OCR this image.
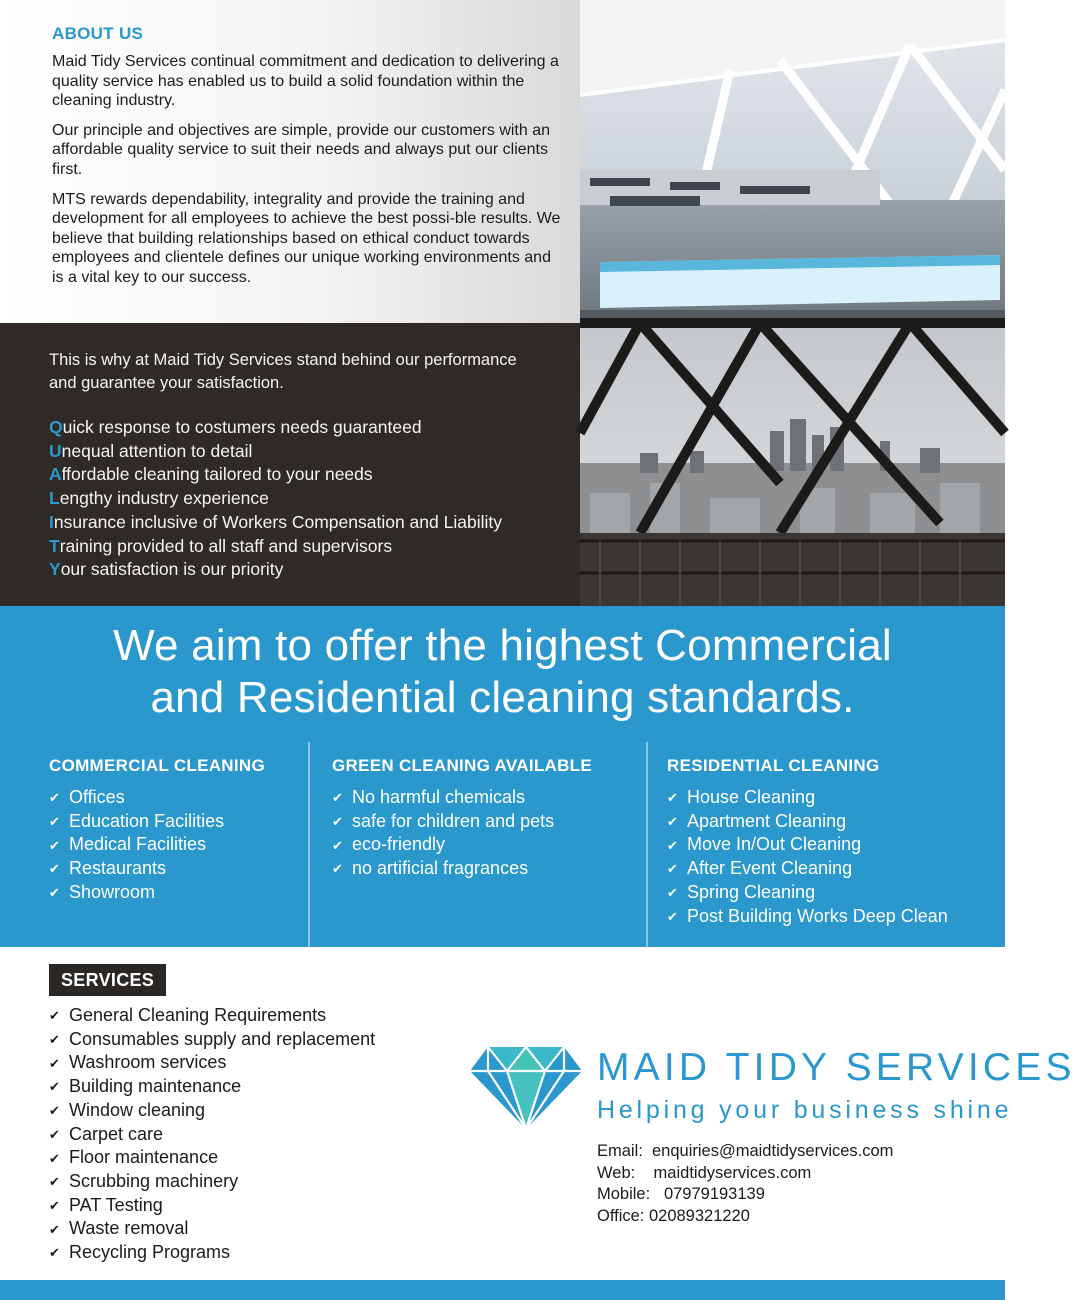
ABOUT US

Maid Tidy Services continual commitment and dedication to delivering a quality service has enabled us to build a solid foundation within the cleaning industry.

Our principle and objectives are simple, provide our customers with an affordable quality service to suit their needs and always put our clients first.

MTS rewards dependability, integrality and provide the training and development for all employees to achieve the best possi-ble results. We believe that building relationships based on ethical conduct towards employees and clientele defines our unique working environments and is a vital key to our success.

This is why at Maid Tidy Services stand behind our performance and guarantee your satisfaction.

Quick response to costumers needs guaranteed
Unequal attention to detail
Affordable cleaning tailored to your needs
Lengthy industry experience
Insurance inclusive of Workers Compensation and Liability
Training provided to all staff and supervisors
Your satisfaction is our priority
We aim to offer the highest Commercial
and Residential cleaning standards.
COMMERCIAL CLEANING
✔ Offices
✔ Education Facilities
✔ Medical Facilities
✔ Restaurants
✔ Showroom
GREEN CLEANING AVAILABLE
✔ No harmful chemicals
✔ safe for children and pets
✔ eco-friendly
✔ no artificial fragrances
RESIDENTIAL CLEANING
✔ House Cleaning
✔ Apartment Cleaning
✔ Move In/Out Cleaning
✔ After Event Cleaning
✔ Spring Cleaning
✔ Post Building Works Deep Clean
SERVICES
✔ General Cleaning Requirements
✔ Consumables supply and replacement
✔ Washroom services
✔ Building maintenance
✔ Window cleaning
✔ Carpet care
✔ Floor maintenance
✔ Scrubbing machinery
✔ PAT Testing
✔ Waste removal
✔ Recycling Programs
MAID TIDY SERVICES
Helping your business shine
Email:  enquiries@maidtidyservices.com
Web:    maidtidyservices.com
Mobile:   07979193139
Office: 02089321220
